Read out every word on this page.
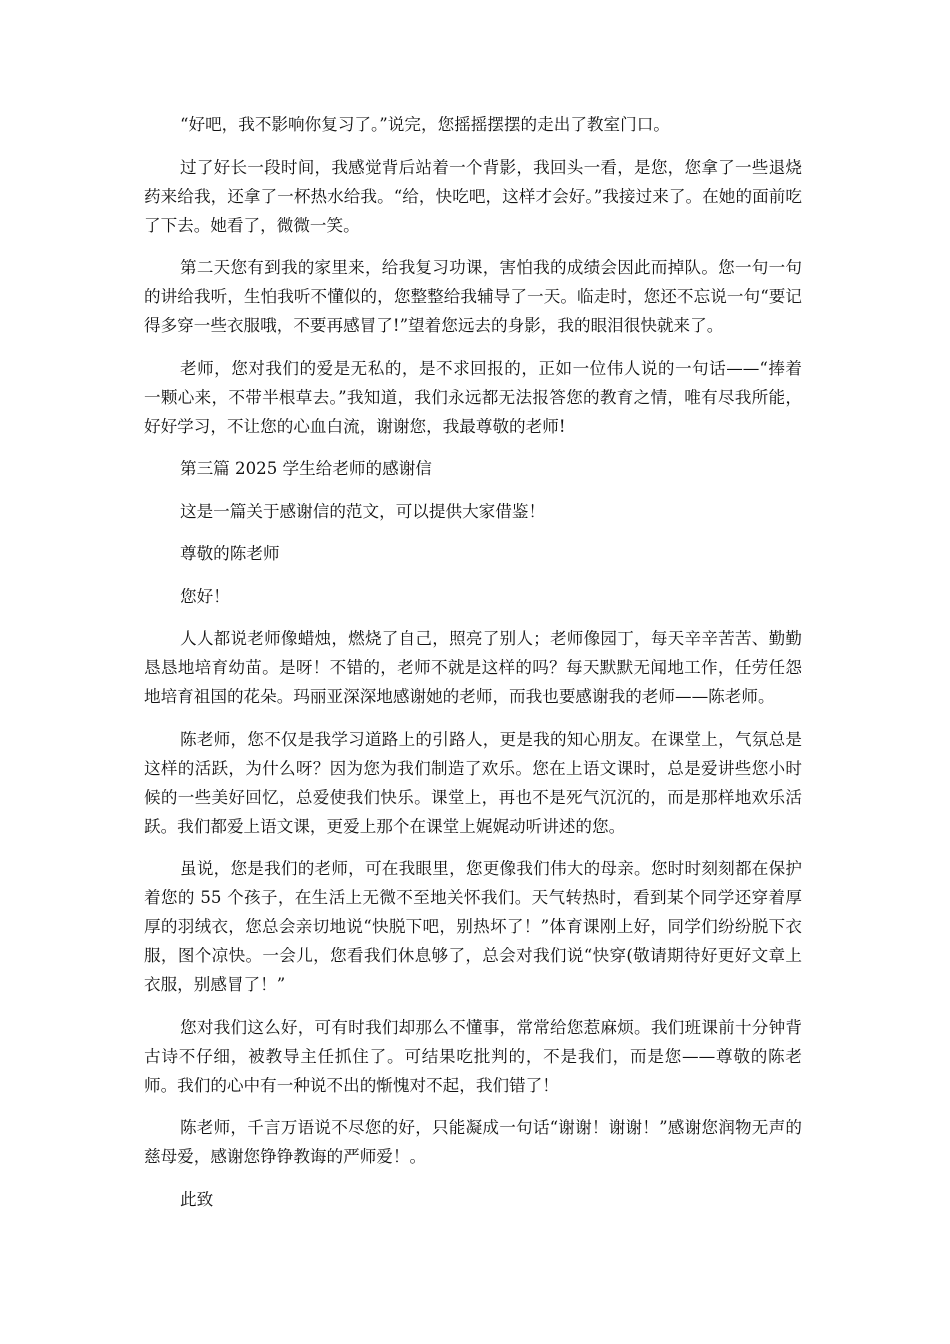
“好吧，我不影响你复习了。”说完，您摇摇摆摆的走出了教室门口。

过了好长一段时间，我感觉背后站着一个背影，我回头一看，是您，您拿了一些退烧药来给我，还拿了一杯热水给我。“给，快吃吧，这样才会好。”我接过来了。在她的面前吃了下去。她看了，微微一笑。

第二天您有到我的家里来，给我复习功课，害怕我的成绩会因此而掉队。您一句一句的讲给我听，生怕我听不懂似的，您整整给我辅导了一天。临走时，您还不忘说一句“要记得多穿一些衣服哦，不要再感冒了!”望着您远去的身影，我的眼泪很快就来了。

老师，您对我们的爱是无私的，是不求回报的，正如一位伟人说的一句话——“捧着一颗心来，不带半根草去。”我知道，我们永远都无法报答您的教育之情，唯有尽我所能，好好学习，不让您的心血白流，谢谢您，我最尊敬的老师!

第三篇 2025 学生给老师的感谢信

这是一篇关于感谢信的范文，可以提供大家借鉴！

尊敬的陈老师

您好！

人人都说老师像蜡烛，燃烧了自己，照亮了别人；老师像园丁，每天辛辛苦苦、勤勤恳恳地培育幼苗。是呀！不错的，老师不就是这样的吗？每天默默无闻地工作，任劳任怨地培育祖国的花朵。玛丽亚深深地感谢她的老师，而我也要感谢我的老师——陈老师。

陈老师，您不仅是我学习道路上的引路人，更是我的知心朋友。在课堂上，气氛总是这样的活跃，为什么呀？因为您为我们制造了欢乐。您在上语文课时，总是爱讲些您小时候的一些美好回忆，总爱使我们快乐。课堂上，再也不是死气沉沉的，而是那样地欢乐活跃。我们都爱上语文课，更爱上那个在课堂上娓娓动听讲述的您。

虽说，您是我们的老师，可在我眼里，您更像我们伟大的母亲。您时时刻刻都在保护着您的 55 个孩子，在生活上无微不至地关怀我们。天气转热时，看到某个同学还穿着厚厚的羽绒衣，您总会亲切地说“快脱下吧，别热坏了！”体育课刚上好，同学们纷纷脱下衣服，图个凉快。一会儿，您看我们休息够了，总会对我们说“快穿(敬请期待好更好文章上衣服，别感冒了！”

您对我们这么好，可有时我们却那么不懂事，常常给您惹麻烦。我们班课前十分钟背古诗不仔细，被教导主任抓住了。可结果吃批判的，不是我们，而是您——尊敬的陈老师。我们的心中有一种说不出的惭愧对不起，我们错了！

陈老师，千言万语说不尽您的好，只能凝成一句话“谢谢！谢谢！”感谢您润物无声的慈母爱，感谢您铮铮教诲的严师爱！。

此致
